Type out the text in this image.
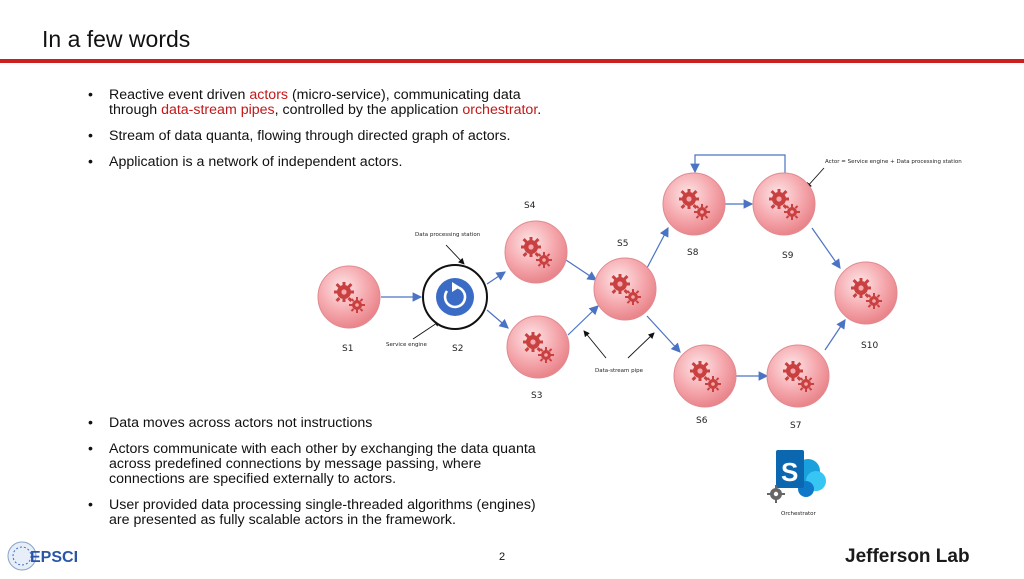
In a few words
• Reactive event driven actors (micro-service), communicating data through data-stream pipes, controlled by the application orchestrator.
• Stream of data quanta, flowing through directed graph of actors.
• Application is a network of independent actors.
• Data moves across actors not instructions
• Actors communicate with each other by exchanging the data quanta across predefined connections by message passing, where connections are specified externally to actors.
• User provided data processing single-threaded algorithms (engines) are presented as fully scalable actors in the framework.
S1	S2
S4
S3
S5
S8	S9
S10
S6	S7
Data processing station
Service engine
Data-stream pipe
Actor = Service engine + Data processing station
Orchestrator
S
2
EPSCI	Jefferson Lab
